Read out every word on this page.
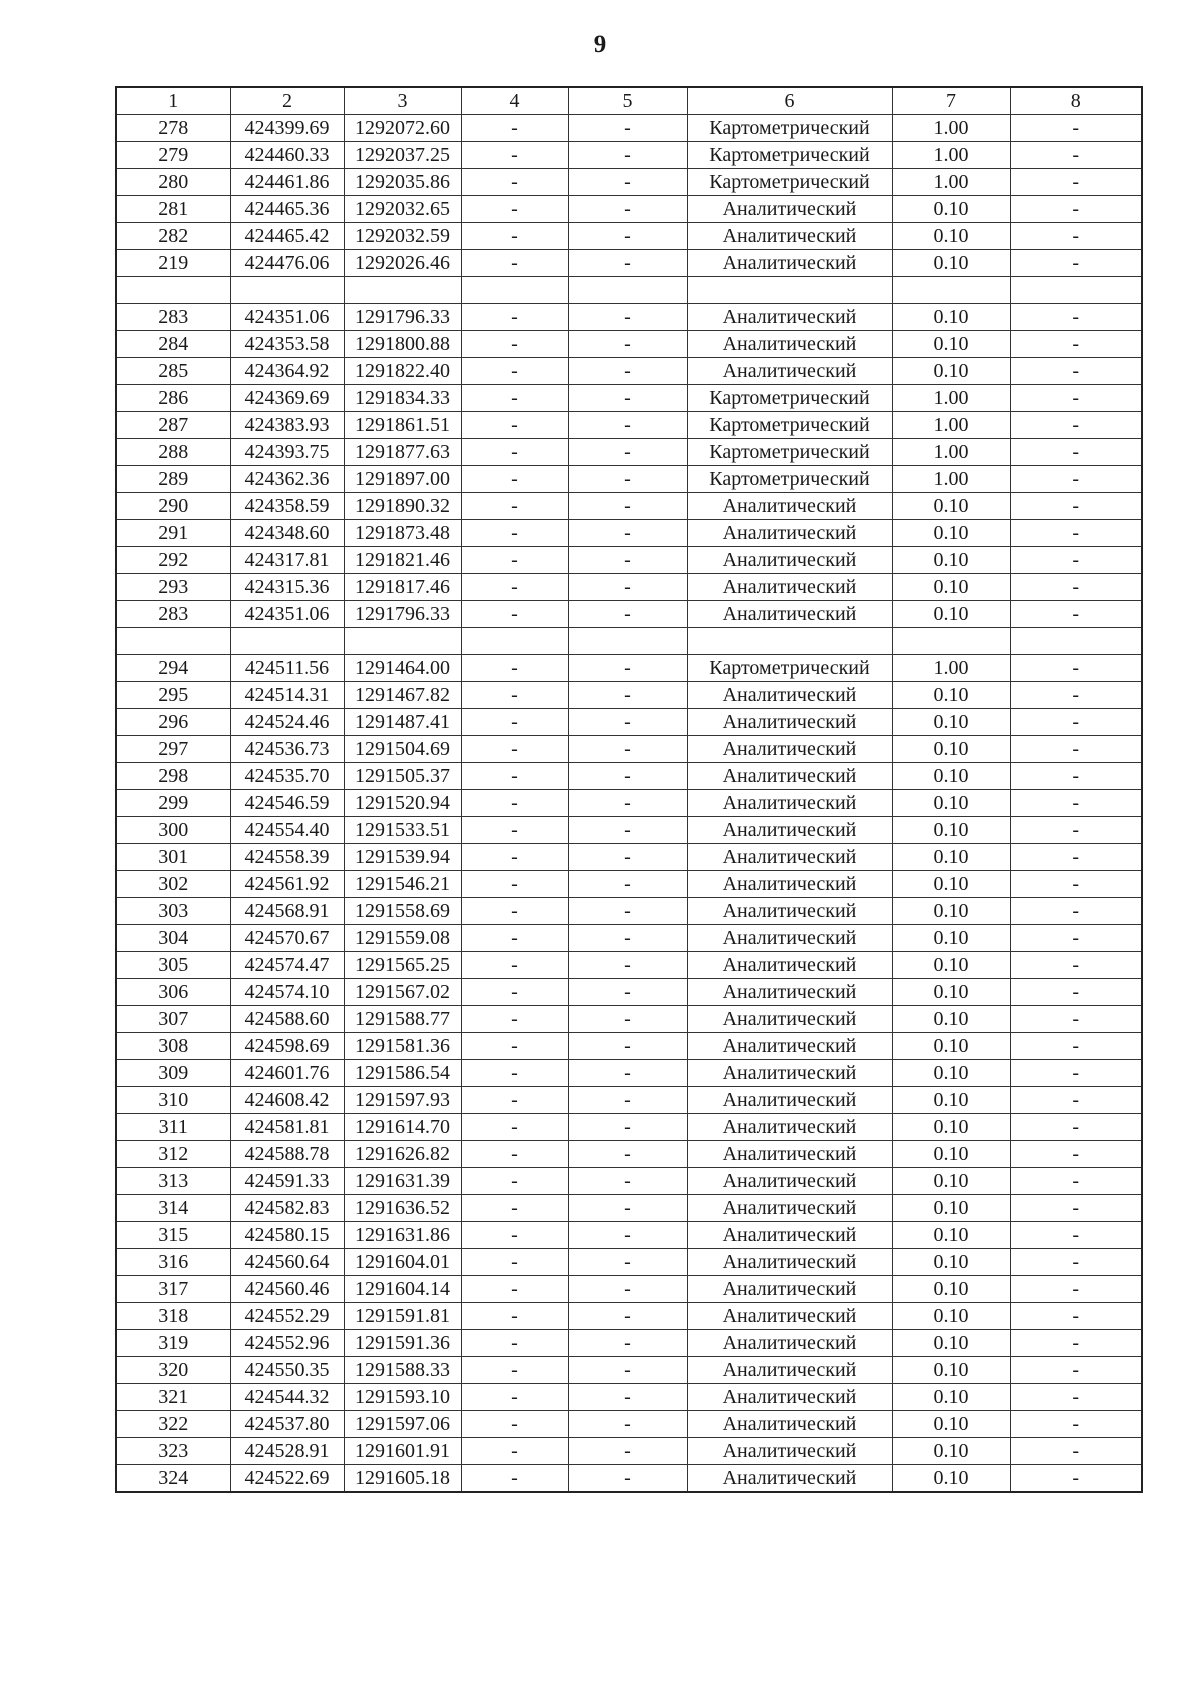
9
1	2	3	4	5	6	7	8
278	424399.69	1292072.60	-	-	Картометрический	1.00	-
279	424460.33	1292037.25	-	-	Картометрический	1.00	-
280	424461.86	1292035.86	-	-	Картометрический	1.00	-
281	424465.36	1292032.65	-	-	Аналитический	0.10	-
282	424465.42	1292032.59	-	-	Аналитический	0.10	-
219	424476.06	1292026.46	-	-	Аналитический	0.10	-

283	424351.06	1291796.33	-	-	Аналитический	0.10	-
284	424353.58	1291800.88	-	-	Аналитический	0.10	-
285	424364.92	1291822.40	-	-	Аналитический	0.10	-
286	424369.69	1291834.33	-	-	Картометрический	1.00	-
287	424383.93	1291861.51	-	-	Картометрический	1.00	-
288	424393.75	1291877.63	-	-	Картометрический	1.00	-
289	424362.36	1291897.00	-	-	Картометрический	1.00	-
290	424358.59	1291890.32	-	-	Аналитический	0.10	-
291	424348.60	1291873.48	-	-	Аналитический	0.10	-
292	424317.81	1291821.46	-	-	Аналитический	0.10	-
293	424315.36	1291817.46	-	-	Аналитический	0.10	-
283	424351.06	1291796.33	-	-	Аналитический	0.10	-

294	424511.56	1291464.00	-	-	Картометрический	1.00	-
295	424514.31	1291467.82	-	-	Аналитический	0.10	-
296	424524.46	1291487.41	-	-	Аналитический	0.10	-
297	424536.73	1291504.69	-	-	Аналитический	0.10	-
298	424535.70	1291505.37	-	-	Аналитический	0.10	-
299	424546.59	1291520.94	-	-	Аналитический	0.10	-
300	424554.40	1291533.51	-	-	Аналитический	0.10	-
301	424558.39	1291539.94	-	-	Аналитический	0.10	-
302	424561.92	1291546.21	-	-	Аналитический	0.10	-
303	424568.91	1291558.69	-	-	Аналитический	0.10	-
304	424570.67	1291559.08	-	-	Аналитический	0.10	-
305	424574.47	1291565.25	-	-	Аналитический	0.10	-
306	424574.10	1291567.02	-	-	Аналитический	0.10	-
307	424588.60	1291588.77	-	-	Аналитический	0.10	-
308	424598.69	1291581.36	-	-	Аналитический	0.10	-
309	424601.76	1291586.54	-	-	Аналитический	0.10	-
310	424608.42	1291597.93	-	-	Аналитический	0.10	-
311	424581.81	1291614.70	-	-	Аналитический	0.10	-
312	424588.78	1291626.82	-	-	Аналитический	0.10	-
313	424591.33	1291631.39	-	-	Аналитический	0.10	-
314	424582.83	1291636.52	-	-	Аналитический	0.10	-
315	424580.15	1291631.86	-	-	Аналитический	0.10	-
316	424560.64	1291604.01	-	-	Аналитический	0.10	-
317	424560.46	1291604.14	-	-	Аналитический	0.10	-
318	424552.29	1291591.81	-	-	Аналитический	0.10	-
319	424552.96	1291591.36	-	-	Аналитический	0.10	-
320	424550.35	1291588.33	-	-	Аналитический	0.10	-
321	424544.32	1291593.10	-	-	Аналитический	0.10	-
322	424537.80	1291597.06	-	-	Аналитический	0.10	-
323	424528.91	1291601.91	-	-	Аналитический	0.10	-
324	424522.69	1291605.18	-	-	Аналитический	0.10	-
